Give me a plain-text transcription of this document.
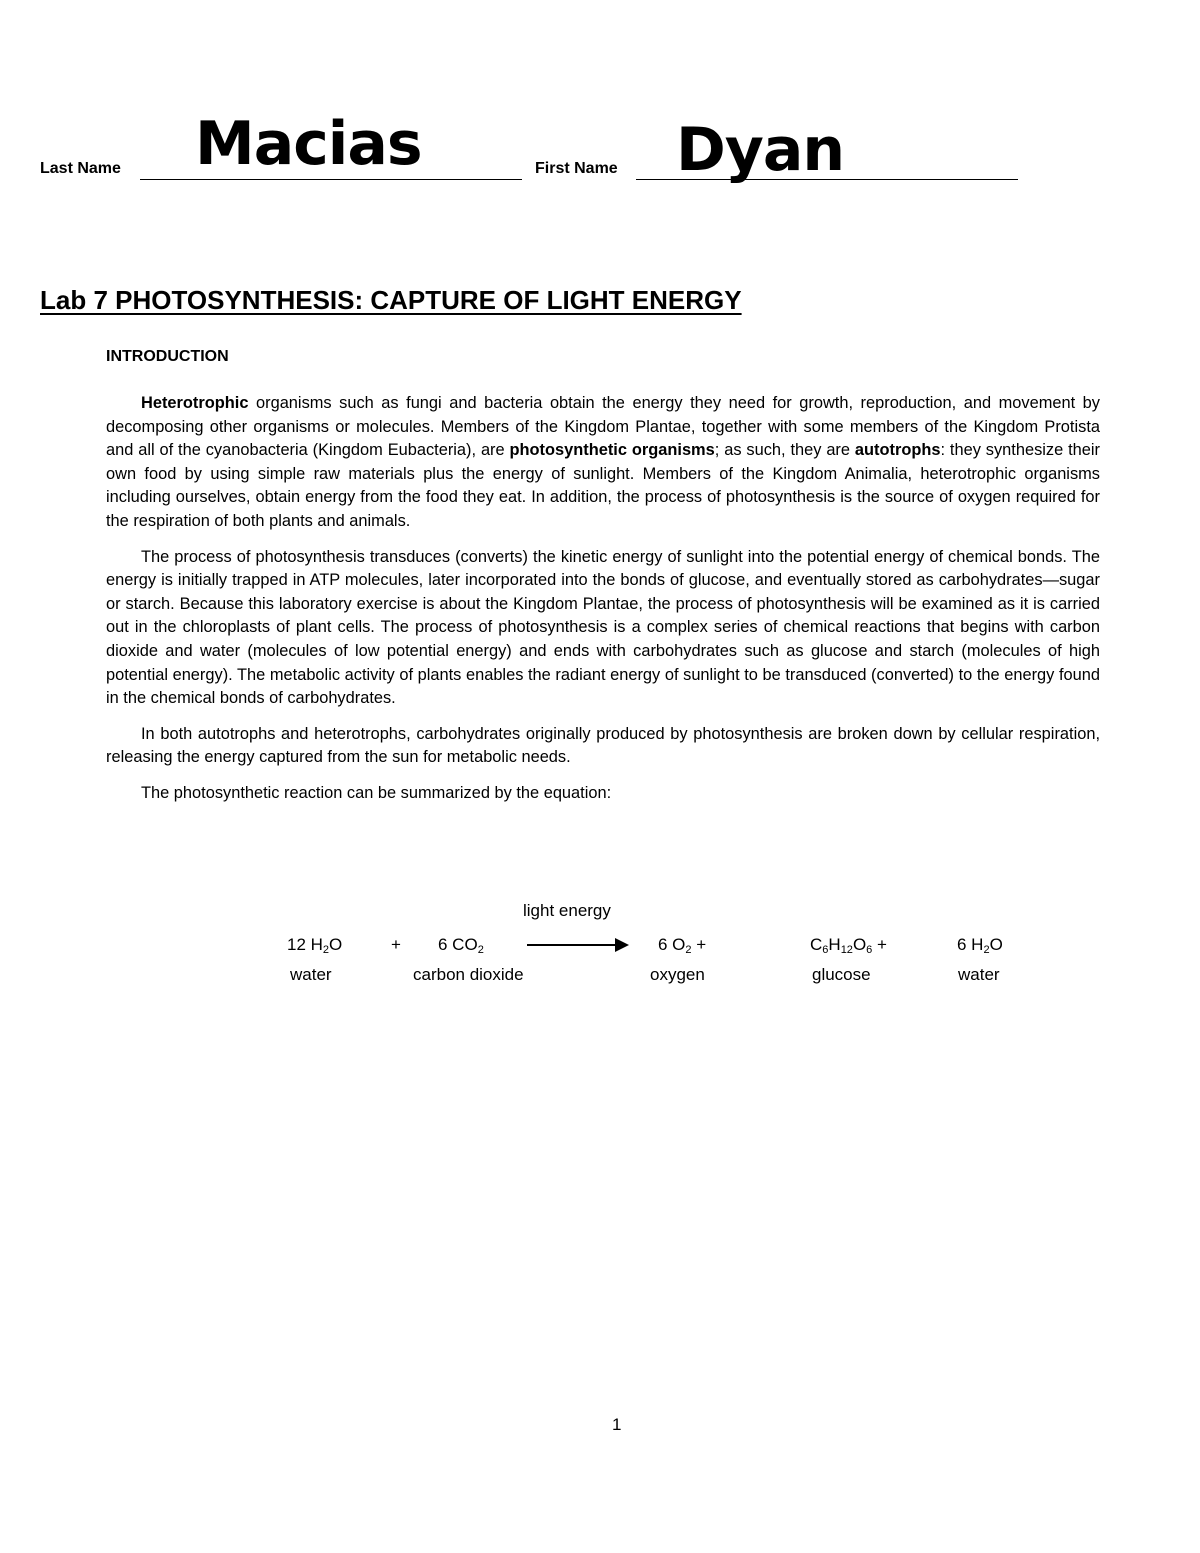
Last Name Macias	First Name Dyan
Lab 7 PHOTOSYNTHESIS: CAPTURE OF LIGHT ENERGY
INTRODUCTION

Heterotrophic organisms such as fungi and bacteria obtain the energy they need for growth, reproduction, and movement by decomposing other organisms or molecules. Members of the Kingdom Plantae, together with some members of the Kingdom Protista and all of the cyanobacteria (Kingdom Eubacteria), are photosynthetic organisms; as such, they are autotrophs: they synthesize their own food by using simple raw materials plus the energy of sunlight. Members of the Kingdom Animalia, heterotrophic organisms including ourselves, obtain energy from the food they eat. In addition, the process of photosynthesis is the source of oxygen required for the respiration of both plants and animals.

The process of photosynthesis transduces (converts) the kinetic energy of sunlight into the potential energy of chemical bonds. The energy is initially trapped in ATP molecules, later incorporated into the bonds of glucose, and eventually stored as carbohydrates—sugar or starch. Because this laboratory exercise is about the Kingdom Plantae, the process of photosynthesis will be examined as it is carried out in the chloroplasts of plant cells. The process of photosynthesis is a complex series of chemical reactions that begins with carbon dioxide and water (molecules of low potential energy) and ends with carbohydrates such as glucose and starch (molecules of high potential energy). The metabolic activity of plants enables the radiant energy of sunlight to be transduced (converted) to the energy found in the chemical bonds of carbohydrates.

In both autotrophs and heterotrophs, carbohydrates originally produced by photosynthesis are broken down by cellular respiration, releasing the energy captured from the sun for metabolic needs.

The photosynthetic reaction can be summarized by the equation:

light energy
12 $H_2O$	+ 6 $CO_2$	6 $O_2$ +	$C_6H_{12}O_6$ +	6 $H_2O$
water	carbon dioxide	oxygen	glucose	water
1
